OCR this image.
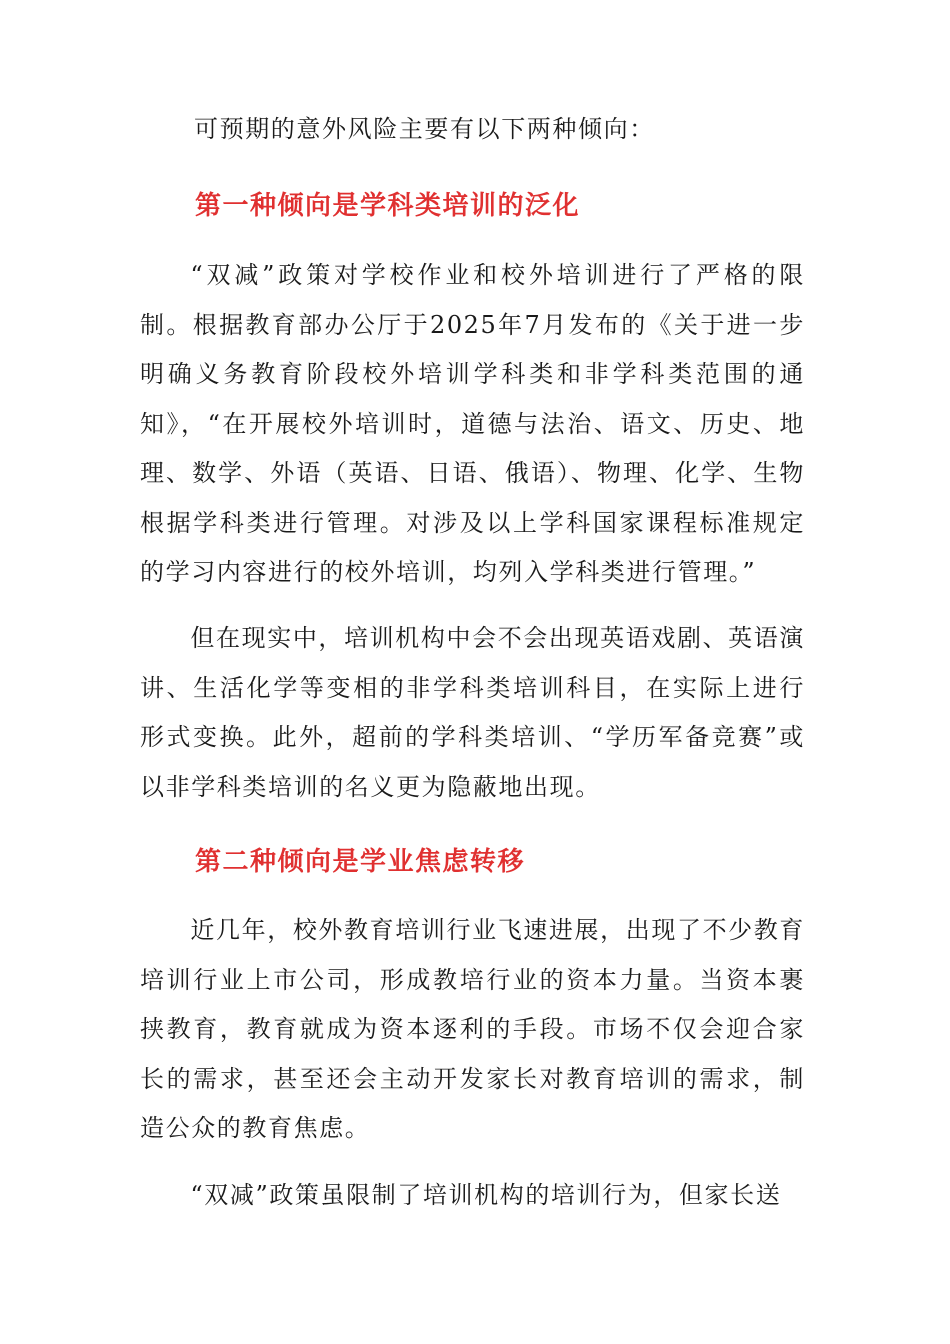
可预期的意外风险主要有以下两种倾向：

第一种倾向是学科类培训的泛化

“双减”政策对学校作业和校外培训进行了严格的限制。根据教育部办公厅于2025年7月发布的《关于进一步明确义务教育阶段校外培训学科类和非学科类范围的通知》，“在开展校外培训时，道德与法治、语文、历史、地理、数学、外语（英语、日语、俄语）、物理、化学、生物根据学科类进行管理。对涉及以上学科国家课程标准规定的学习内容进行的校外培训，均列入学科类进行管理。”

但在现实中，培训机构中会不会出现英语戏剧、英语演讲、生活化学等变相的非学科类培训科目，在实际上进行形式变换。此外，超前的学科类培训、“学历军备竞赛”或以非学科类培训的名义更为隐蔽地出现。

第二种倾向是学业焦虑转移

近几年，校外教育培训行业飞速进展，出现了不少教育培训行业上市公司，形成教培行业的资本力量。当资本裹挟教育，教育就成为资本逐利的手段。市场不仅会迎合家长的需求，甚至还会主动开发家长对教育培训的需求，制造公众的教育焦虑。

“双减”政策虽限制了培训机构的培训行为，但家长送
